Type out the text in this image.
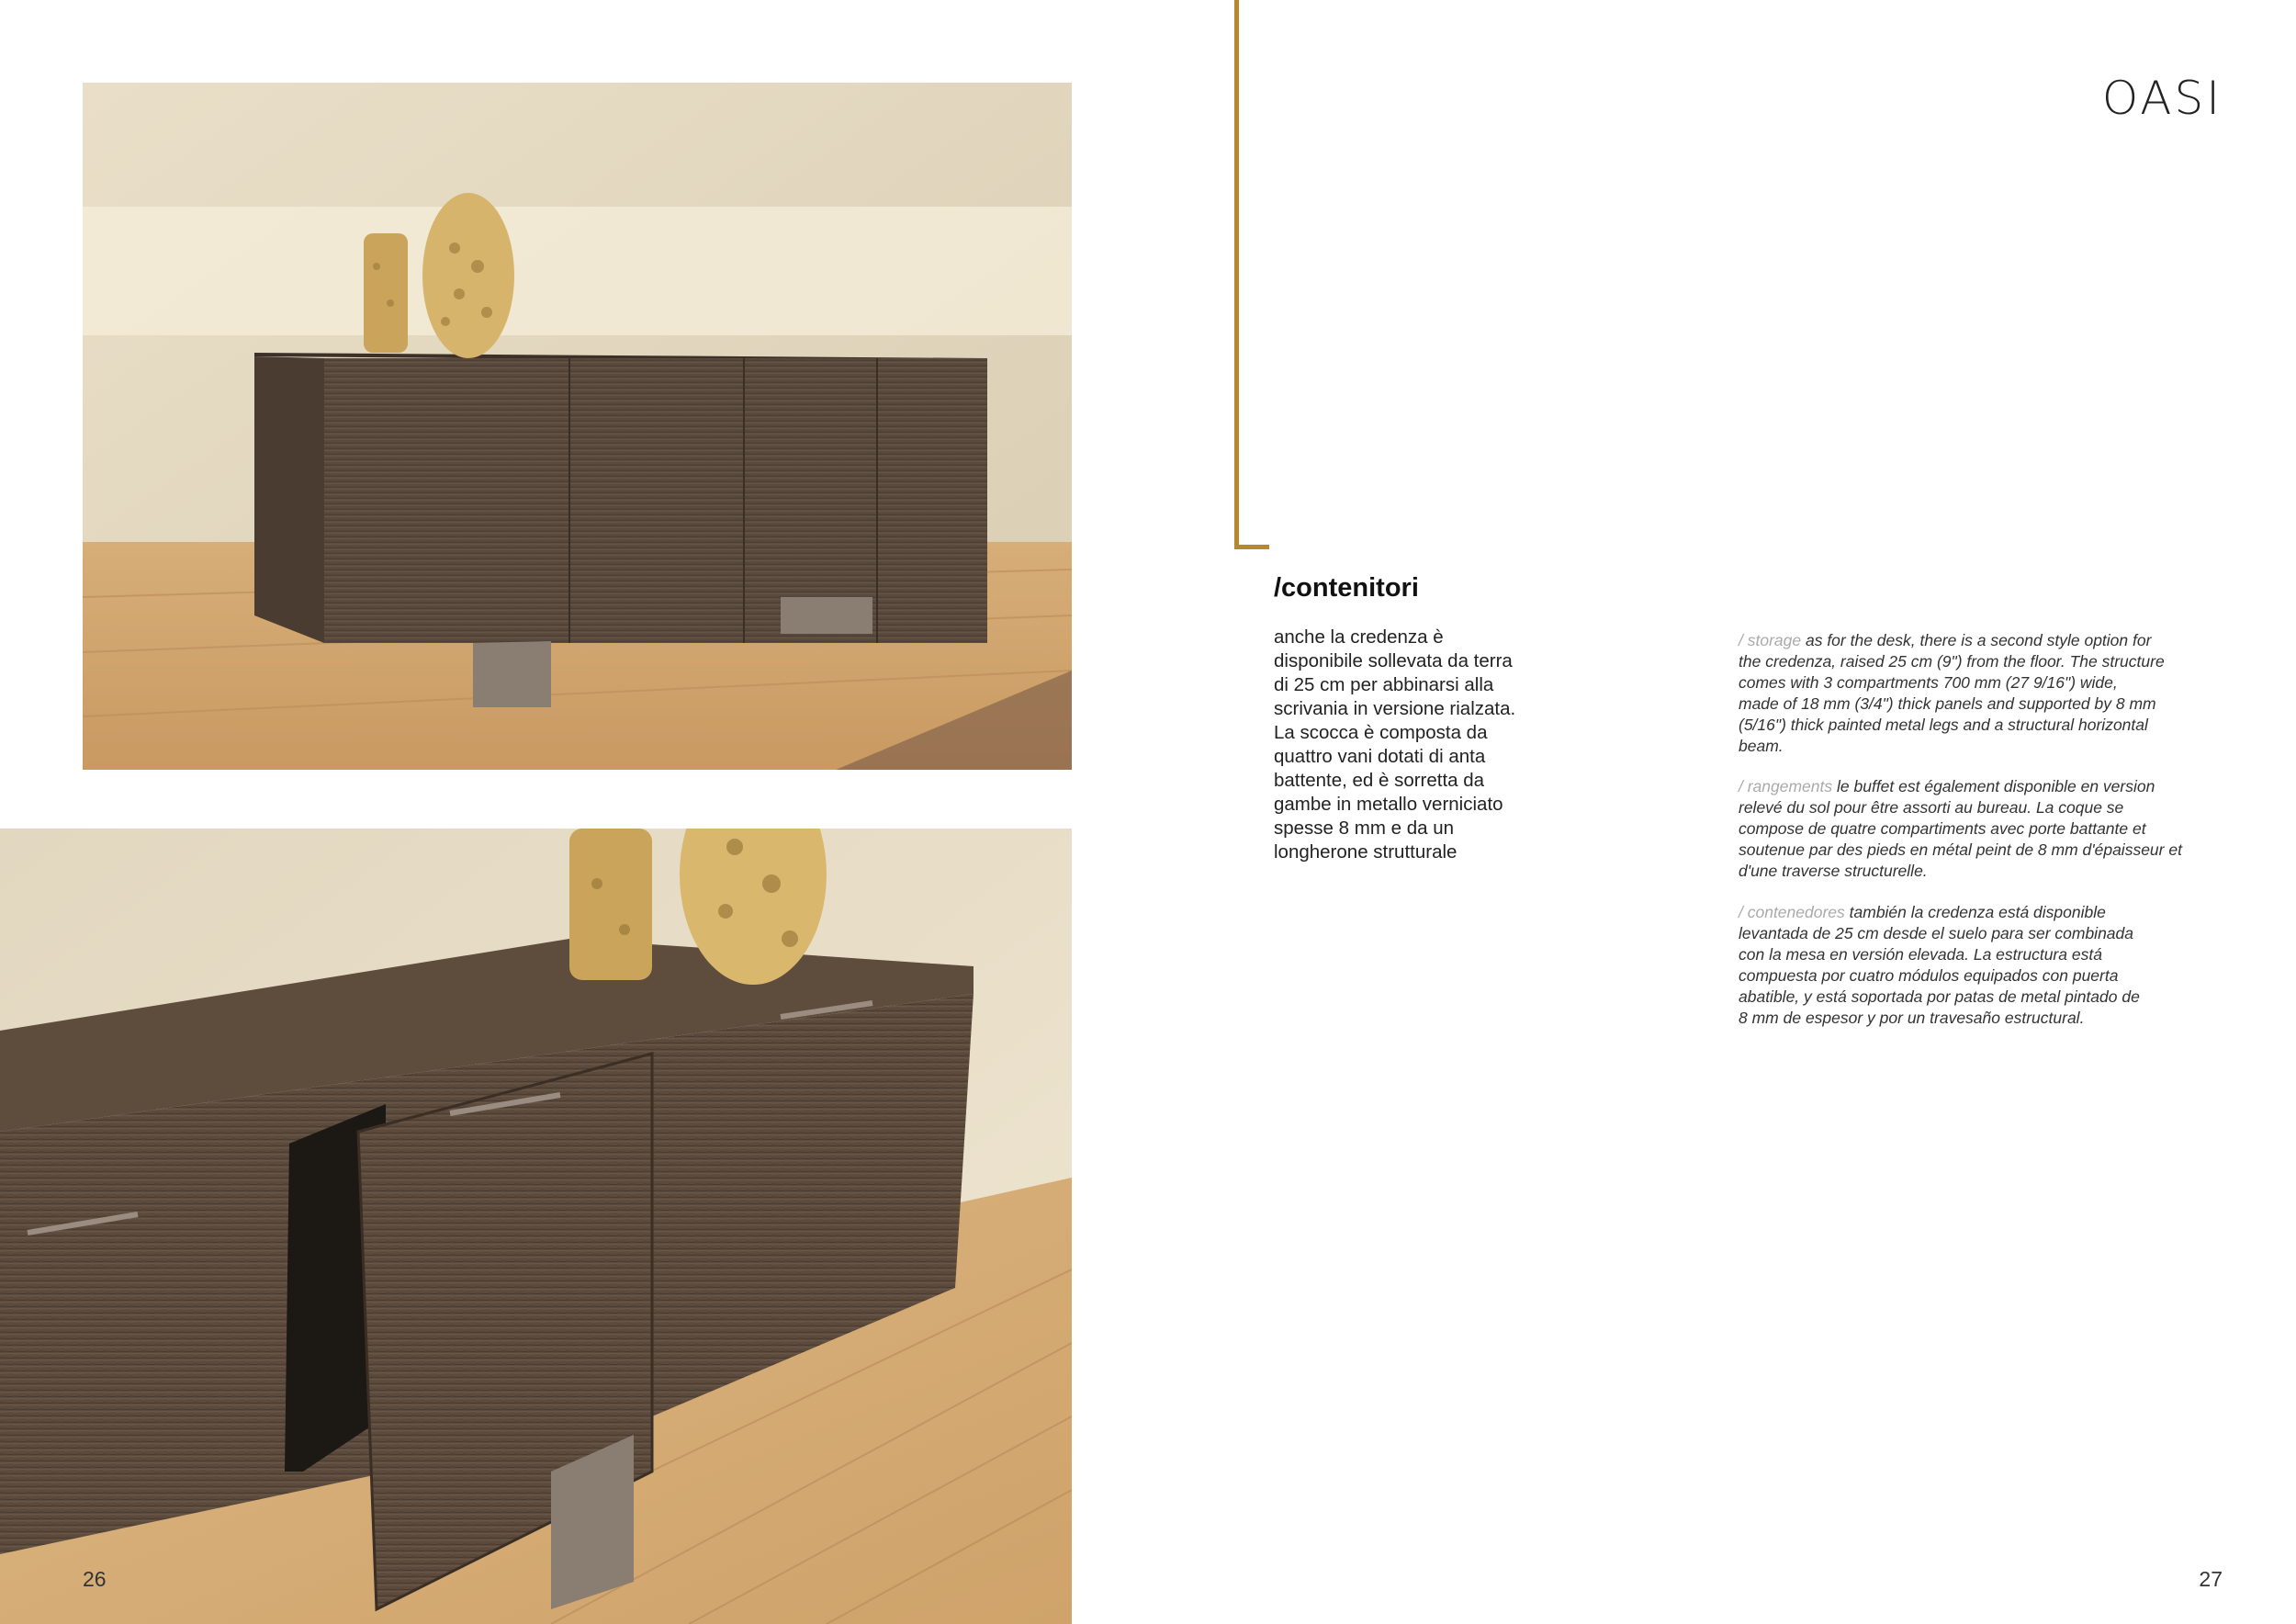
OASI
/contenitori
anche la credenza è
disponibile sollevata da terra
di 25 cm per abbinarsi alla
scrivania in versione rialzata.
La scocca è composta da
quattro vani dotati di anta
battente, ed è sorretta da
gambe in metallo verniciato
spesse 8 mm e da un
longherone strutturale
/ storage as for the desk, there is a second style option for
the credenza, raised 25 cm (9") from the floor. The structure
comes with 3 compartments 700 mm (27 9/16") wide,
made of 18 mm (3/4") thick panels and supported by 8 mm
(5/16") thick painted metal legs and a structural horizontal
beam.
/ rangements le buffet est également disponible en version
relevé du sol pour être assorti au bureau. La coque se
compose de quatre compartiments avec porte battante et
soutenue par des pieds en métal peint de 8 mm d'épaisseur et
d'une traverse structurelle.
/ contenedores también la credenza está disponible
levantada de 25 cm desde el suelo para ser combinada
con la mesa en versión elevada. La estructura está
compuesta por cuatro módulos equipados con puerta
abatible, y está soportada por patas de metal pintado de
8 mm de espesor y por un travesaño estructural.
26	27
